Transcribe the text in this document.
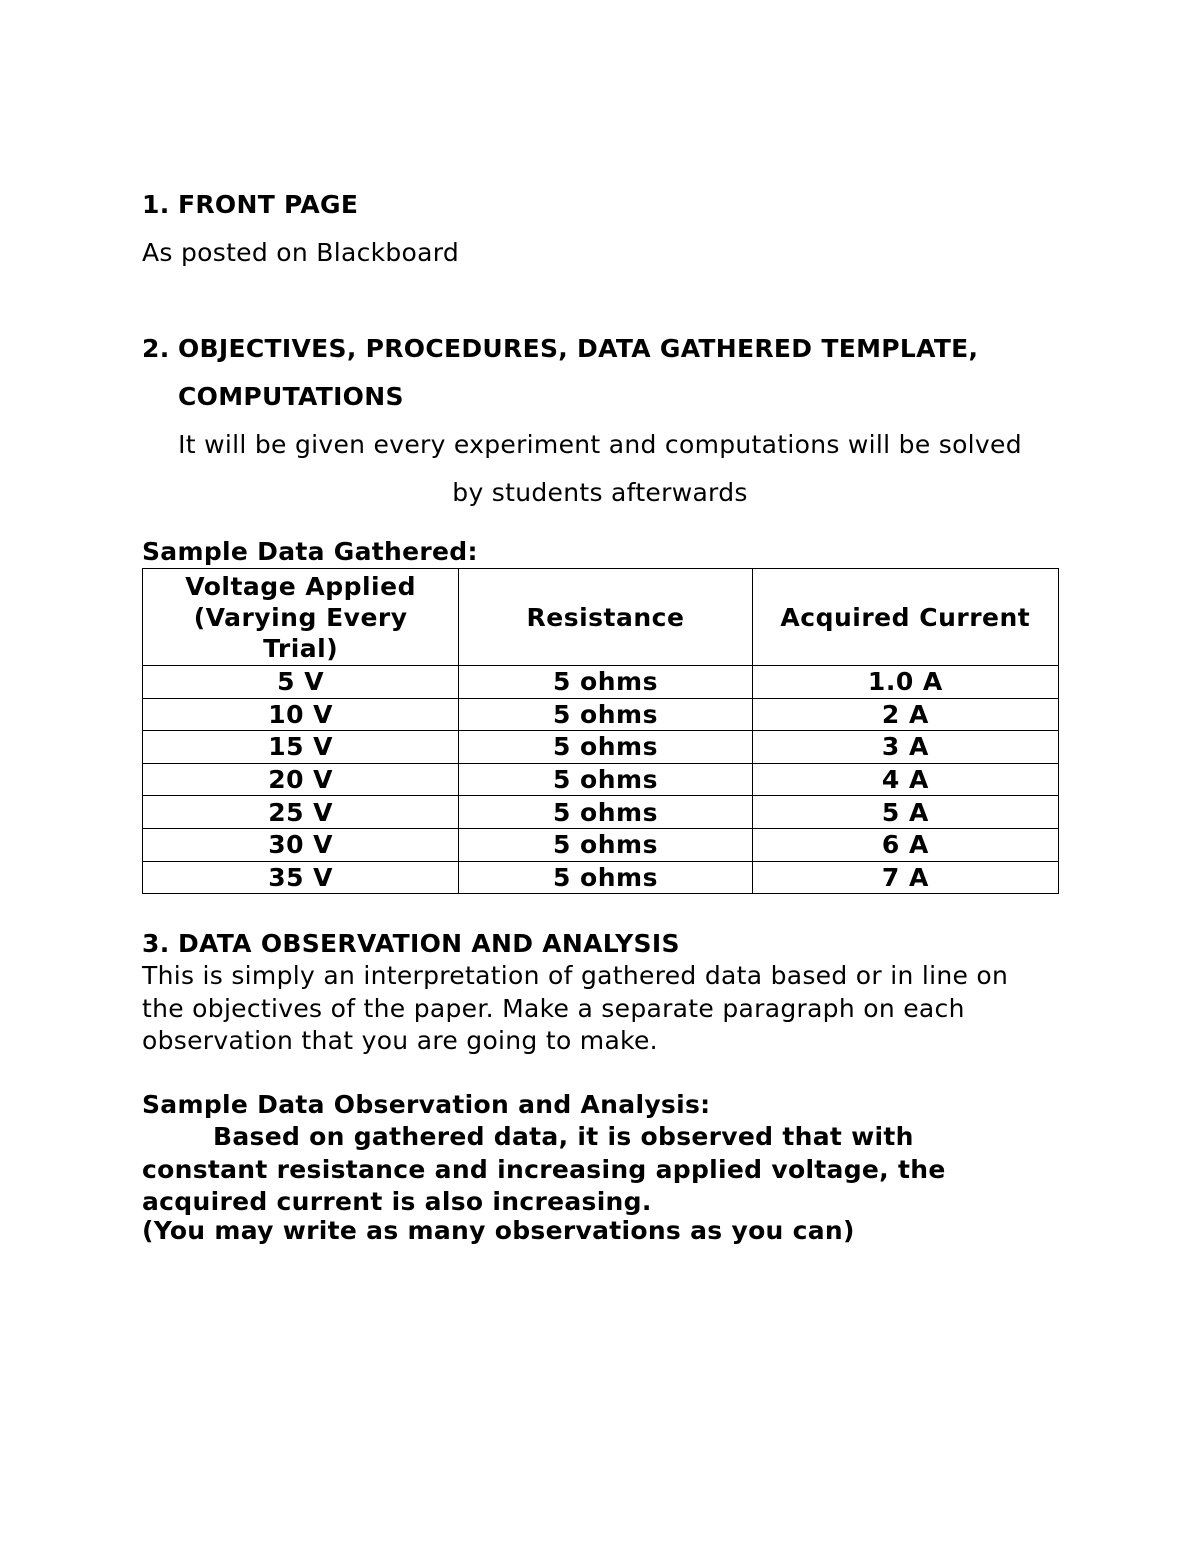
1. FRONT PAGE
As posted on Blackboard
2. OBJECTIVES, PROCEDURES, DATA GATHERED TEMPLATE,
COMPUTATIONS
It will be given every experiment and computations will be solved
by students afterwards
Sample Data Gathered:
Voltage Applied
(Varying Every
Trial)	Resistance	Acquired Current
5 V	5 ohms	1.0 A
10 V	5 ohms	2 A
15 V	5 ohms	3 A
20 V	5 ohms	4 A
25 V	5 ohms	5 A
30 V	5 ohms	6 A
35 V	5 ohms	7 A
3. DATA OBSERVATION AND ANALYSIS
This is simply an interpretation of gathered data based or in line on the objectives of the paper. Make a separate paragraph on each observation that you are going to make.
Sample Data Observation and Analysis:
Based on gathered data, it is observed that with constant resistance and increasing applied voltage, the acquired current is also increasing.
(You may write as many observations as you can)
